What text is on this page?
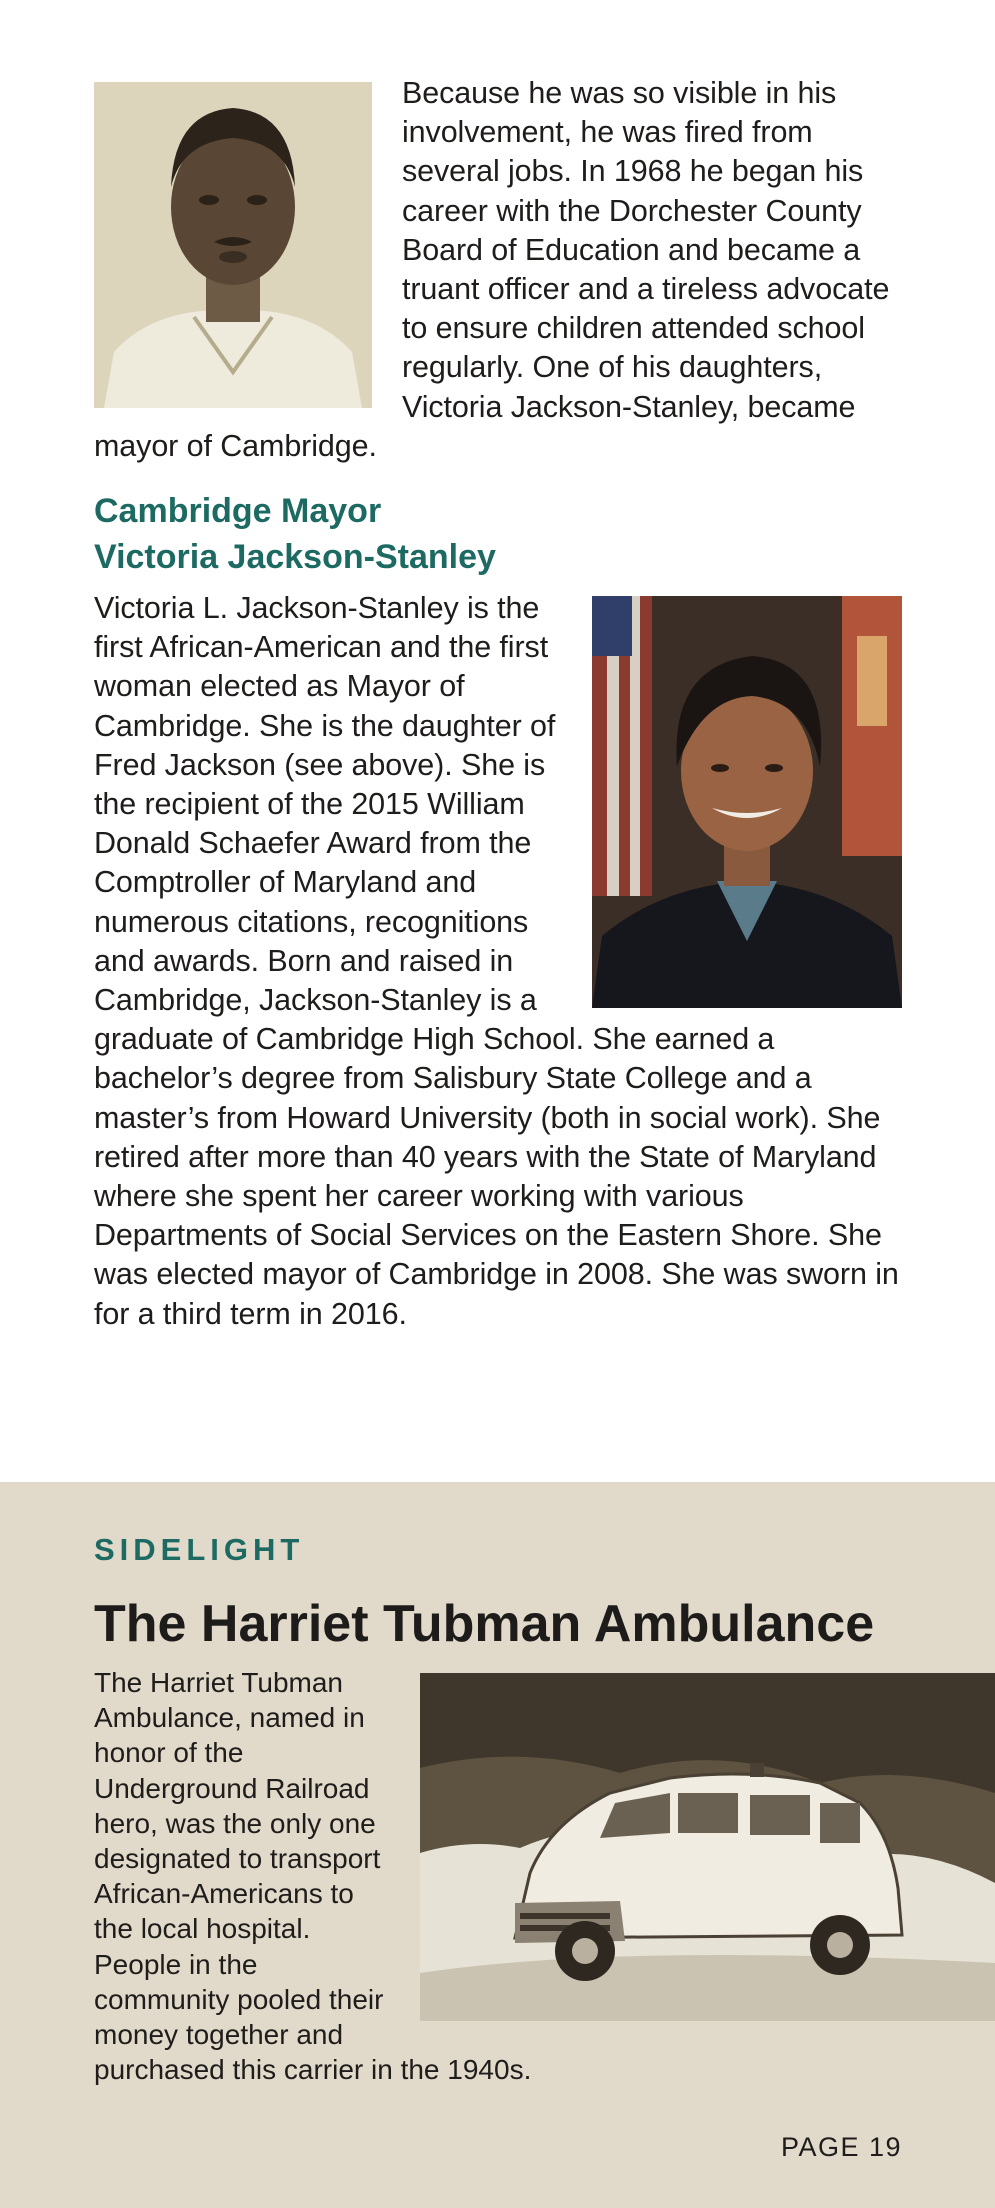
Because he was so visible in his involvement, he was fired from several jobs. In 1968 he began his career with the Dorchester County Board of Education and became a truant officer and a tireless advocate to ensure children attended school regularly. One of his daughters, Victoria Jackson-Stanley, became mayor of Cambridge.

Cambridge Mayor
Victoria Jackson-Stanley

Victoria L. Jackson-Stanley is the first African-American and the first woman elected as Mayor of Cambridge. She is the daughter of Fred Jackson (see above). She is the recipient of the 2015 William Donald Schaefer Award from the Comptroller of Maryland and numerous citations, recognitions and awards. Born and raised in Cambridge, Jackson-Stanley is a graduate of Cambridge High School. She earned a bachelor’s degree from Salisbury State College and a master’s from Howard University (both in social work). She retired after more than 40 years with the State of Maryland where she spent her career working with various Departments of Social Services on the Eastern Shore. She was elected mayor of Cambridge in 2008. She was sworn in for a third term in 2016.

SIDELIGHT
The Harriet Tubman Ambulance

The Harriet Tubman Ambulance, named in honor of the Underground Railroad hero, was the only one designated to transport African-Americans to the local hospital. People in the community pooled their money together and purchased this carrier in the 1940s.

PAGE 19
